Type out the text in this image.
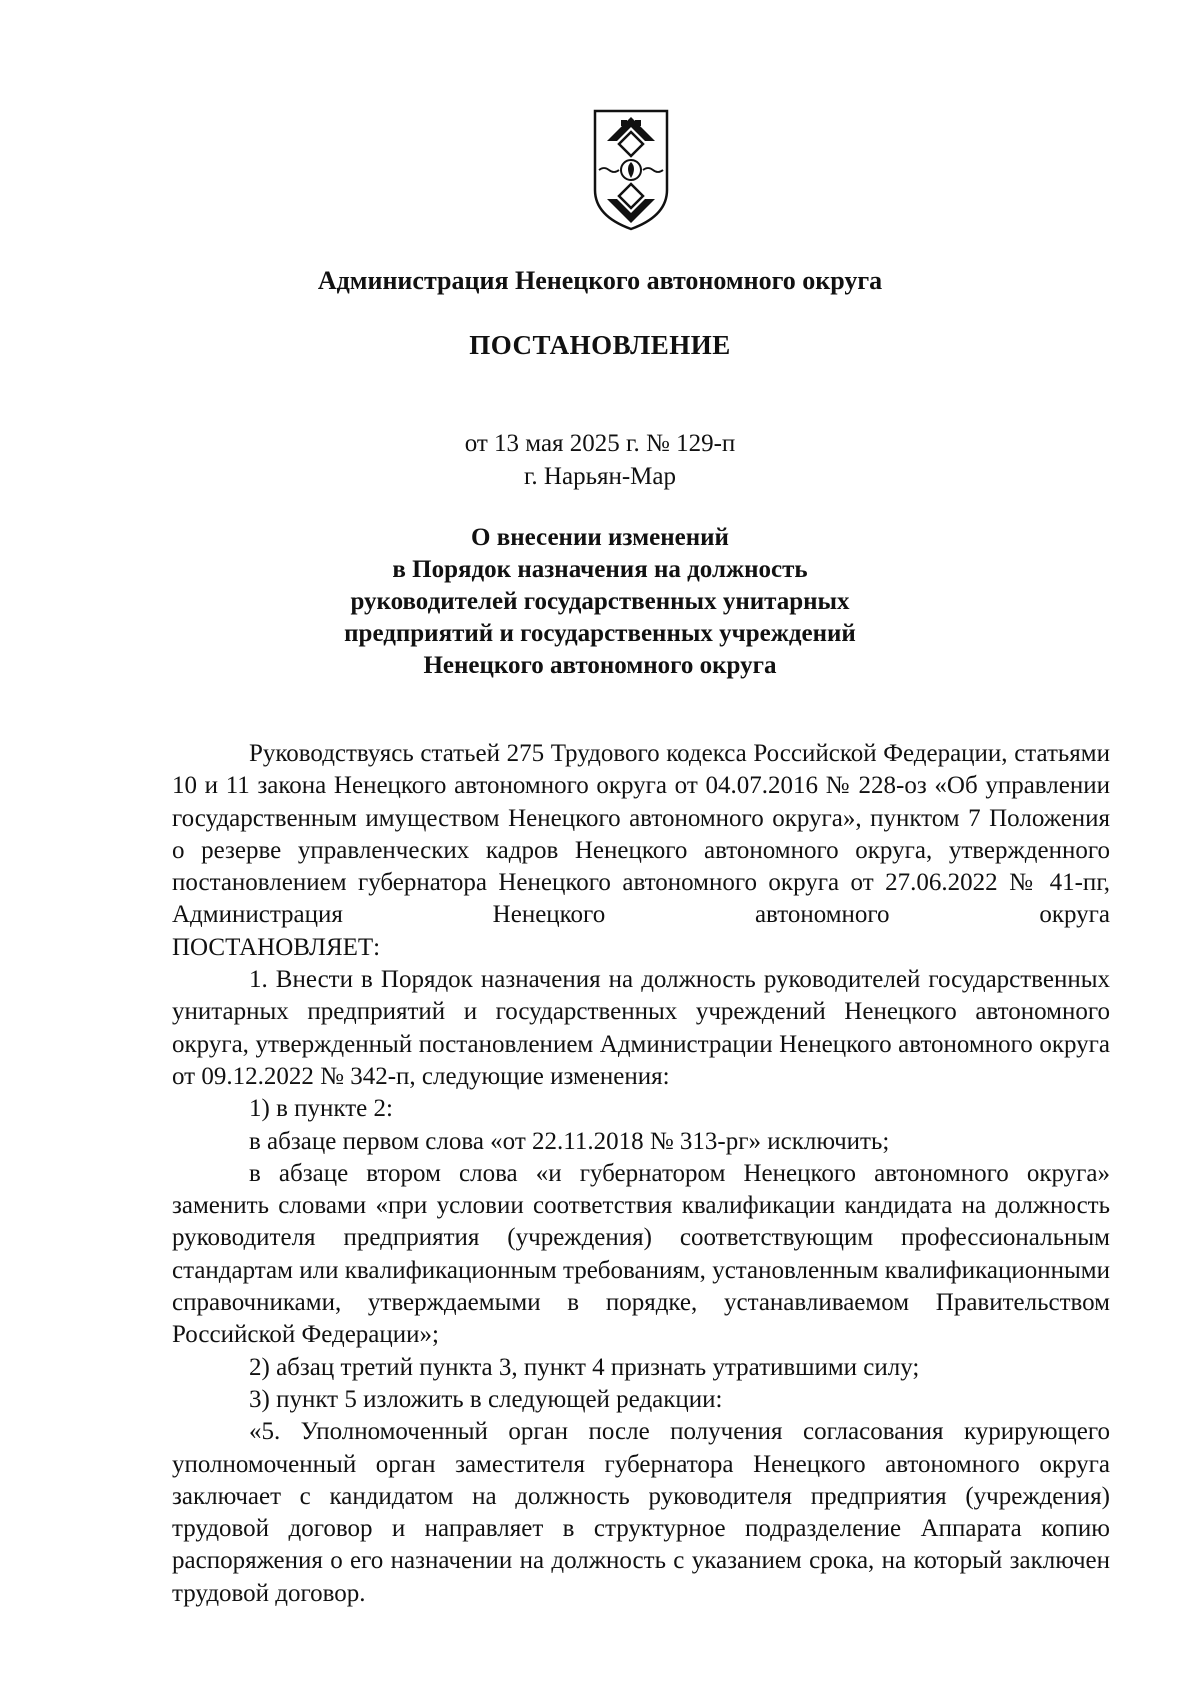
Администрация Ненецкого автономного округа
ПОСТАНОВЛЕНИЕ
от 13 мая 2025 г. № 129-п
г. Нарьян-Мар
О внесении изменений
в Порядок назначения на должность
руководителей государственных унитарных
предприятий и государственных учреждений
Ненецкого автономного округа

Руководствуясь статьей 275 Трудового кодекса Российской Федерации, статьями 10 и 11 закона Ненецкого автономного округа от 04.07.2016 № 228-оз «Об управлении государственным имуществом Ненецкого автономного округа», пунктом 7 Положения о резерве управленческих кадров Ненецкого автономного округа, утвержденного постановлением губернатора Ненецкого автономного округа от 27.06.2022 № 41-пг, Администрация Ненецкого автономного округа

ПОСТАНОВЛЯЕТ:

1. Внести в Порядок назначения на должность руководителей государственных унитарных предприятий и государственных учреждений Ненецкого автономного округа, утвержденный постановлением Администрации Ненецкого автономного округа от 09.12.2022 № 342-п, следующие изменения:

1) в пункте 2:

в абзаце первом слова «от 22.11.2018 № 313-рг» исключить;

в абзаце втором слова «и губернатором Ненецкого автономного округа» заменить словами «при условии соответствия квалификации кандидата на должность руководителя предприятия (учреждения) соответствующим профессиональным стандартам или квалификационным требованиям, установленным квалификационными справочниками, утверждаемыми в порядке, устанавливаемом Правительством Российской Федерации»;

2) абзац третий пункта 3, пункт 4 признать утратившими силу;

3) пункт 5 изложить в следующей редакции:

«5. Уполномоченный орган после получения согласования курирующего уполномоченный орган заместителя губернатора Ненецкого автономного округа заключает с кандидатом на должность руководителя предприятия (учреждения) трудовой договор и направляет в структурное подразделение Аппарата копию распоряжения о его назначении на должность с указанием срока, на который заключен трудовой договор.
